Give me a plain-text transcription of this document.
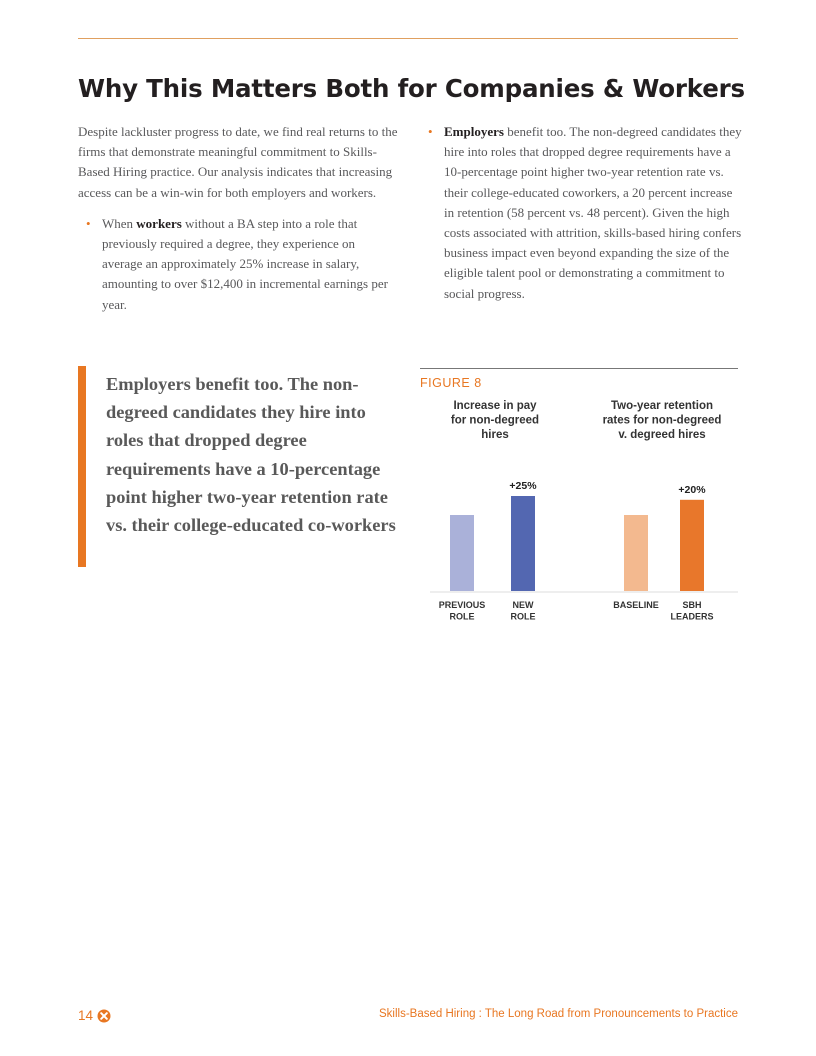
Why This Matters Both for Companies & Workers

Despite lackluster progress to date, we find real returns to the firms that demonstrate meaningful commitment to Skills-Based Hiring practice. Our analysis indicates that increasing access can be a win-win for both employers and workers.

• When workers without a BA step into a role that previously required a degree, they experience on average an approximately 25% increase in salary, amounting to over $12,400 in incremental earnings per year.
• Employers benefit too. The non-degreed candidates they hire into roles that dropped degree requirements have a 10-percentage point higher two-year retention rate vs. their college-educated coworkers, a 20 percent increase in retention (58 percent vs. 48 percent). Given the high costs associated with attrition, skills-based hiring confers business impact even beyond expanding the size of the eligible talent pool or demonstrating a commitment to social progress.
Employers benefit too. The non-degreed candidates they hire into roles that dropped degree requirements have a 10-percentage point higher two-year retention rate vs. their college-educated co-workers
FIGURE 8
Increase in pay
for non-degreed
hires
PREVIOUS
ROLE
+25%
NEW
ROLE
Two-year retention
rates for non-degreed
v. degreed hires
BASELINE
+20%
SBH
LEADERS
14	Skills-Based Hiring : The Long Road from Pronouncements to Practice
